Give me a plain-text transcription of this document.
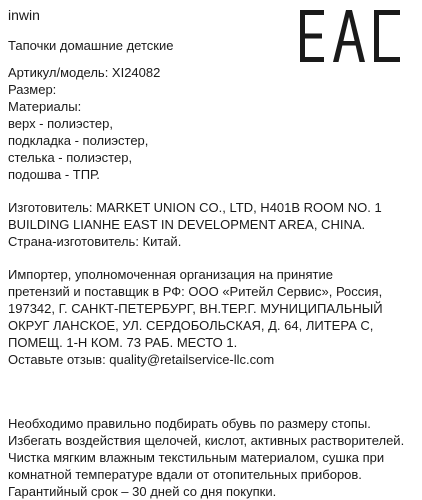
inwin
Тапочки домашние детские
Артикул/модель: XI24082
Размер:
Материалы:
верх - полиэстер,
подкладка - полиэстер,
стелька - полиэстер,
подошва - ТПР.
Изготовитель: MARKET UNION CO., LTD, H401B ROOM NO. 1
BUILDING LIANHE EAST IN DEVELOPMENT AREA, CHINA.
Страна-изготовитель: Китай.
Импортер, уполномоченная организация на принятие
претензий и поставщик в РФ: ООО «Ритейл Сервис», Россия,
197342, Г. САНКТ-ПЕТЕРБУРГ, ВН.ТЕР.Г. МУНИЦИПАЛЬНЫЙ
ОКРУГ ЛАНСКОЕ, УЛ. СЕРДОБОЛЬСКАЯ, Д. 64, ЛИТЕРА С,
ПОМЕЩ. 1-Н КОМ. 73 РАБ. МЕСТО 1.
Оставьте отзыв: quality@retailservice-llc.com
Необходимо правильно подбирать обувь по размеру стопы.
Избегать воздействия щелочей, кислот, активных растворителей.
Чистка мягким влажным текстильным материалом, сушка при
комнатной температуре вдали от отопительных приборов.
Гарантийный срок – 30 дней со дня покупки.
